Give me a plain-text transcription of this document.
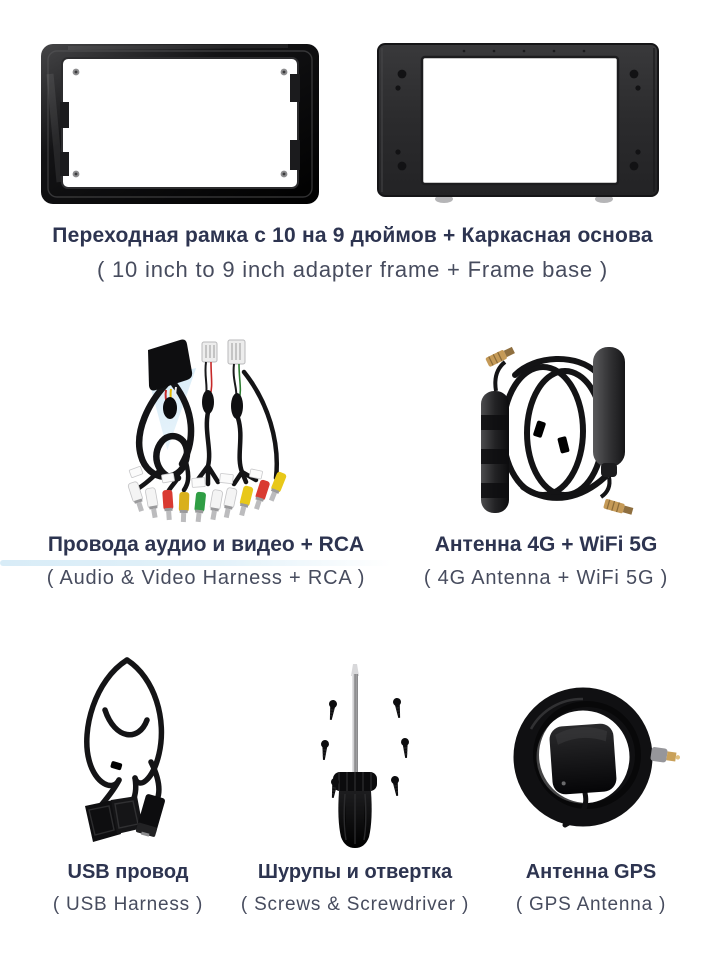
Переходная рамка с 10 на 9 дюймов + Каркасная основа

( 10 inch to 9 inch adapter frame + Frame base )

Провода аудио и видео + RCA

( Audio & Video Harness + RCA )

Антенна 4G + WiFi 5G

( 4G Antenna + WiFi 5G )

USB провод

( USB Harness )

Шурупы и отвертка

( Screws & Screwdriver )

Антенна GPS

( GPS Antenna )
